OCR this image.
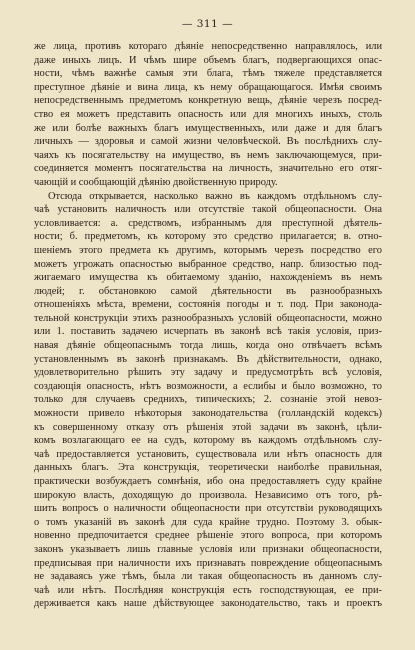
— 311 —
же лица, противъ котораго дѣяніе непосредственно направлялось, или
даже иныхъ лицъ. И чѣмъ шире объемъ благъ, подвергающихся опас-
ности, чѣмъ важнѣе самыя эти блага, тѣмъ тяжеле представляется
преступное дѣяніе и вина лица, къ нему обращающагося. Имѣя своимъ
непосредственнымъ предметомъ конкретную вещь, дѣяніе черезъ посред-
ство ея можетъ представить опасность или для многихъ иныхъ, столь
же или болѣе важныхъ благъ имущественныхъ, или даже и для благъ
личныхъ — здоровья и самой жизни человѣческой. Въ послѣднихъ слу-
чаяхъ къ посягательству на имущество, въ немъ заключающемуся, при-
соединяется моментъ посягательства на личность, значительно его отяг-
чающій и сообщающій дѣянію двойственную природу.
Отсюда открывается, насколько важно въ каждомъ отдѣльномъ слу-
чаѣ установить наличность или отсутствіе такой общеопасности. Она
условливается: а. средствомъ, избраннымъ для преступной дѣятель-
ности; б. предметомъ, къ которому это средство прилагается; в. отно-
шеніемъ этого предмета къ другимъ, которымъ черезъ посредство его
можетъ угрожать опасностью выбранное средство, напр. близостью под-
жигаемаго имущества къ обитаемому зданію, нахожденіемъ въ немъ
людей; г. обстановкою самой дѣятельности въ разнообразныхъ
отношеніяхъ мѣста, времени, состоянія погоды и т. под. При законода-
тельной конструкціи этихъ разнообразныхъ условій общеопасности, можно
или 1. поставить задачею исчерпать въ законѣ всѣ такія условія, приз-
навая дѣяніе общеопаснымъ тогда лишь, когда оно отвѣчаетъ всѣмъ
установленнымъ въ законѣ признакамъ. Въ дѣйствительности, однако,
удовлетворительно рѣшить эту задачу и предусмотрѣть всѣ условія,
создающія опасность, нѣтъ возможности, а еслибы и было возможно, то
только для случаевъ среднихъ, типическихъ; 2. сознаніе этой невоз-
можности привело нѣкоторыя законодательства (голландскій кодексъ)
къ совершенному отказу отъ рѣшенія этой задачи въ законѣ, цѣли-
комъ возлагающаго ее на судъ, которому въ каждомъ отдѣльномъ слу-
чаѣ предоставляется установить, существовала или нѣтъ опасность для
данныхъ благъ. Эта конструкція, теоретически наиболѣе правильная,
практически возбуждаетъ сомнѣнія, ибо она предоставляетъ суду крайне
широкую власть, доходящую до произвола. Независимо отъ того, рѣ-
шить вопросъ о наличности общеопасности при отсутствіи руководящихъ
о томъ указаній въ законѣ для суда крайне трудно. Поэтому 3. обык-
новенно предпочитается среднее рѣшеніе этого вопроса, при которомъ
законъ указываетъ лишь главные условія или признаки общеопасности,
предписывая при наличности ихъ признавать повреждение общеопаснымъ
не задаваясь уже тѣмъ, была ли такая общеопасность въ данномъ слу-
чаѣ или нѣтъ. Послѣдняя конструкція есть господствующая, ее при-
держивается какъ наше дѣйствующее законодательство, такъ и проектъ
